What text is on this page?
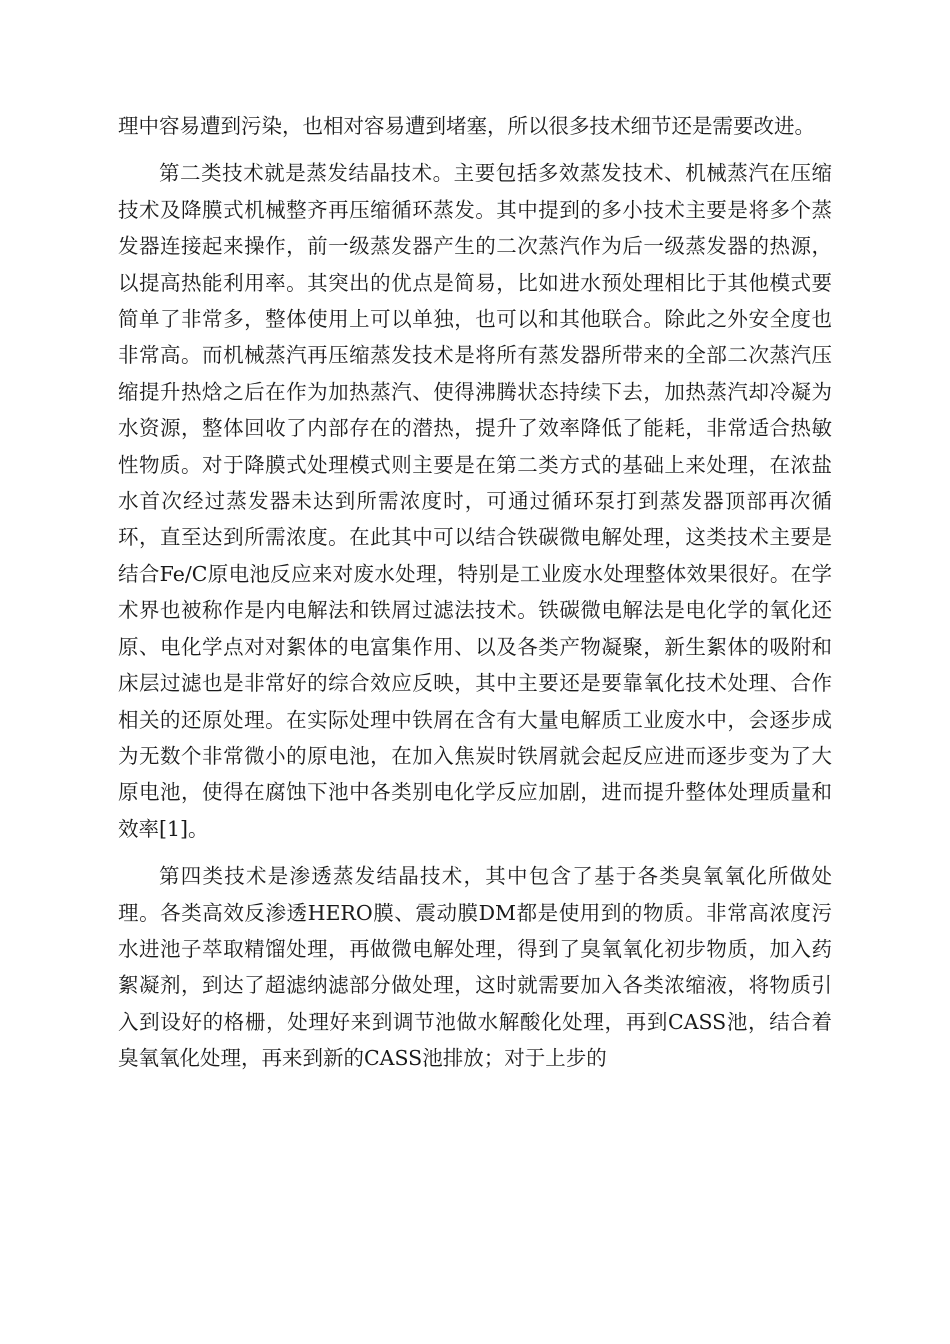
理中容易遭到污染，也相对容易遭到堵塞，所以很多技术细节还是需要改进。

第二类技术就是蒸发结晶技术。主要包括多效蒸发技术、机械蒸汽在压缩技术及降膜式机械整齐再压缩循环蒸发。其中提到的多小技术主要是将多个蒸发器连接起来操作，前一级蒸发器产生的二次蒸汽作为后一级蒸发器的热源，以提高热能利用率。其突出的优点是简易，比如进水预处理相比于其他模式要简单了非常多，整体使用上可以单独，也可以和其他联合。除此之外安全度也非常高。而机械蒸汽再压缩蒸发技术是将所有蒸发器所带来的全部二次蒸汽压缩提升热焓之后在作为加热蒸汽、使得沸腾状态持续下去，加热蒸汽却冷凝为水资源，整体回收了内部存在的潜热，提升了效率降低了能耗，非常适合热敏性物质。对于降膜式处理模式则主要是在第二类方式的基础上来处理，在浓盐水首次经过蒸发器未达到所需浓度时，可通过循环泵打到蒸发器顶部再次循环，直至达到所需浓度。在此其中可以结合铁碳微电解处理，这类技术主要是结合Fe/C原电池反应来对废水处理，特别是工业废水处理整体效果很好。在学术界也被称作是内电解法和铁屑过滤法技术。铁碳微电解法是电化学的氧化还原、电化学点对对絮体的电富集作用、以及各类产物凝聚，新生絮体的吸附和床层过滤也是非常好的综合效应反映，其中主要还是要靠氧化技术处理、合作相关的还原处理。在实际处理中铁屑在含有大量电解质工业废水中，会逐步成为无数个非常微小的原电池，在加入焦炭时铁屑就会起反应进而逐步变为了大原电池，使得在腐蚀下池中各类别电化学反应加剧，进而提升整体处理质量和效率[1]。

第四类技术是渗透蒸发结晶技术，其中包含了基于各类臭氧氧化所做处理。各类高效反渗透HERO膜、震动膜DM都是使用到的物质。非常高浓度污水进池子萃取精馏处理，再做微电解处理，得到了臭氧氧化初步物质，加入药絮凝剂，到达了超滤纳滤部分做处理，这时就需要加入各类浓缩液，将物质引入到设好的格栅，处理好来到调节池做水解酸化处理，再到CASS池，结合着臭氧氧化处理，再来到新的CASS池排放；对于上步的
